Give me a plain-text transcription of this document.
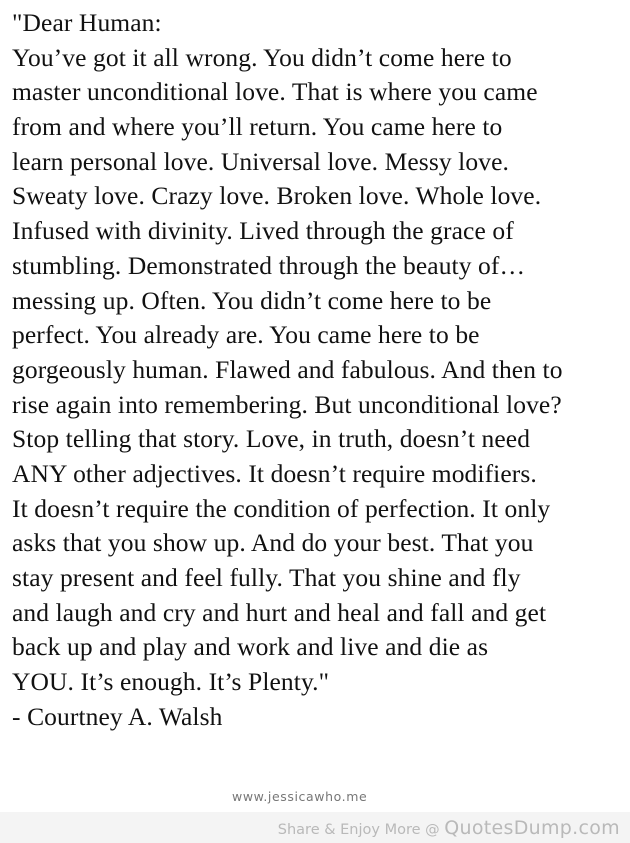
"Dear Human:
You’ve got it all wrong. You didn’t come here to
master unconditional love. That is where you came
from and where you’ll return. You came here to
learn personal love. Universal love. Messy love.
Sweaty love. Crazy love. Broken love. Whole love.
Infused with divinity. Lived through the grace of
stumbling. Demonstrated through the beauty of…
messing up. Often. You didn’t come here to be
perfect. You already are. You came here to be
gorgeously human. Flawed and fabulous. And then to
rise again into remembering. But unconditional love?
Stop telling that story. Love, in truth, doesn’t need
ANY other adjectives. It doesn’t require modifiers.
It doesn’t require the condition of perfection. It only
asks that you show up. And do your best. That you
stay present and feel fully. That you shine and fly
and laugh and cry and hurt and heal and fall and get
back up and play and work and live and die as
YOU. It’s enough. It’s Plenty."
- Courtney A. Walsh
www.jessicawho.me
Share & Enjoy More @ QuotesDump.com
